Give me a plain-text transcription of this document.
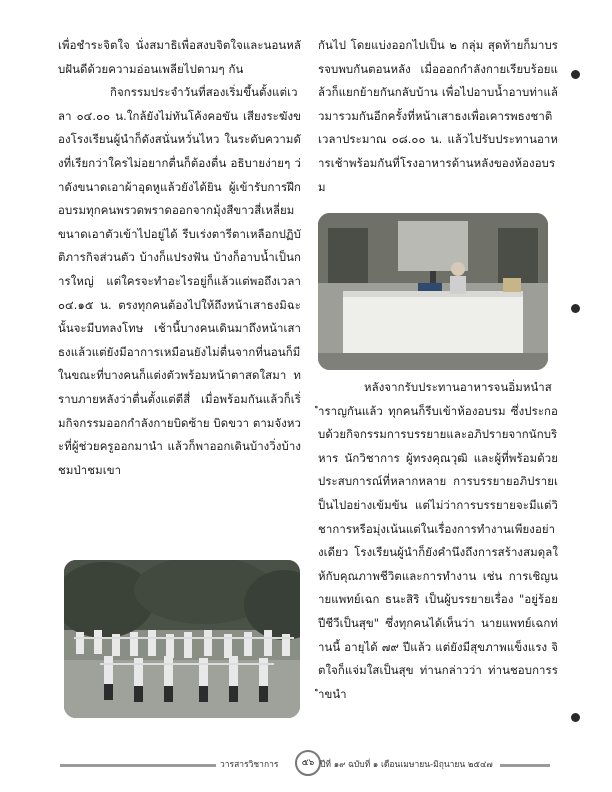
เพื่อชำระจิตใจ นั่งสมาธิเพื่อสงบจิตใจและนอนหลับฝันดีด้วยความอ่อนเพลียไปตามๆ กัน

กิจกรรมประจำวันที่สองเริ่มขึ้นตั้งแต่เวลา ๐๔.๐๐ น.ใกล้ยังไม่ทันโค้งคอขัน เสียงระฆังของโรงเรียนผู้นำก็ดังสนั่นหวั่นไหว ในระดับความดังที่เรียกว่าใครไม่อยากตื่นก็ต้องตื่น อธิบายง่ายๆ ว่าดังขนาดเอาผ้าอุดหูแล้วยังได้ยิน ผู้เข้ารับการฝึกอบรมทุกคนพรวดพราดออกจากมุ้งสีขาวสี่เหลี่ยมขนาดเอาตัวเข้าไปอยู่ได้ รีบเร่งตารีตาเหลือกปฏิบัติภารกิจส่วนตัว บ้างก็แปรงฟัน บ้างก็อาบน้ำเป็นการใหญ่ แต่ใครจะทำอะไรอยู่ก็แล้วแต่พอถึงเวลา ๐๔.๑๕ น. ตรงทุกคนต้องไปให้ถึงหน้าเสาธงมิฉะนั้นจะมีบทลงโทษ เช้านี้บางคนเดินมาถึงหน้าเสาธงแล้วแต่ยังมีอาการเหมือนยังไม่ตื่นจากที่นอนก็มี ในขณะที่บางคนก็แต่งตัวพร้อมหน้าตาสดใสมา ทราบภายหลังว่าตื่นตั้งแต่ตีสี่ เมื่อพร้อมกันแล้วก็เริ่มกิจกรรมออกกำลังกายบิดซ้าย บิดขวา ตามจังหวะที่ผู้ช่วยครูออกมานำ แล้วก็พาออกเดินบ้างวิ่งบ้างชมป่าชมเขา

กันไป โดยแบ่งออกไปเป็น ๒ กลุ่ม สุดท้ายก็มาบรรจบพบกันตอนหลัง เมื่อออกกำลังกายเรียบร้อยแล้วก็แยกย้ายกันกลับบ้าน เพื่อไปอาบน้ำอาบท่าแล้วมารวมกันอีกครั้งที่หน้าเสาธงเพื่อเคารพธงชาติ เวลาประมาณ ๐๘.๐๐ น. แล้วไปรับประทานอาหารเช้าพร้อมกันที่โรงอาหารด้านหลังของห้องอบรม

หลังจากรับประทานอาหารจนอิ่มหนำสำราญกันแล้ว ทุกคนก็รีบเข้าห้องอบรม ซึ่งประกอบด้วยกิจกรรมการบรรยายและอภิปรายจากนักบริหาร นักวิชาการ ผู้ทรงคุณวุฒิ และผู้ที่พร้อมด้วยประสบการณ์ที่หลากหลาย การบรรยายอภิปรายเป็นไปอย่างเข้มข้น แต่ไม่ว่าการบรรยายจะมีแต่วิชาการหรือมุ่งเน้นแต่ในเรื่องการทำงานเพียงอย่างเดียว โรงเรียนผู้นำก็ยังคำนึงถึงการสร้างสมดุลให้กับคุณภาพชีวิตและการทำงาน เช่น การเชิญนายแพทย์เฉก ธนะสิริ เป็นผู้บรรยายเรื่อง "อยู่ร้อยปีชีวีเป็นสุข" ซึ่งทุกคนได้เห็นว่า นายแพทย์เฉกท่านนี้ อายุได้ ๗๙ ปีแล้ว แต่ยังมีสุขภาพแข็งแรง จิตใจก็แจ่มใสเป็นสุข ท่านกล่าวว่า ท่านชอบการรำขนำ

วารสารวิชาการ	๕๖ ปีที่ ๑๙ ฉบับที่ ๑ เดือนเมษายน-มิถุนายน ๒๕๔๗
